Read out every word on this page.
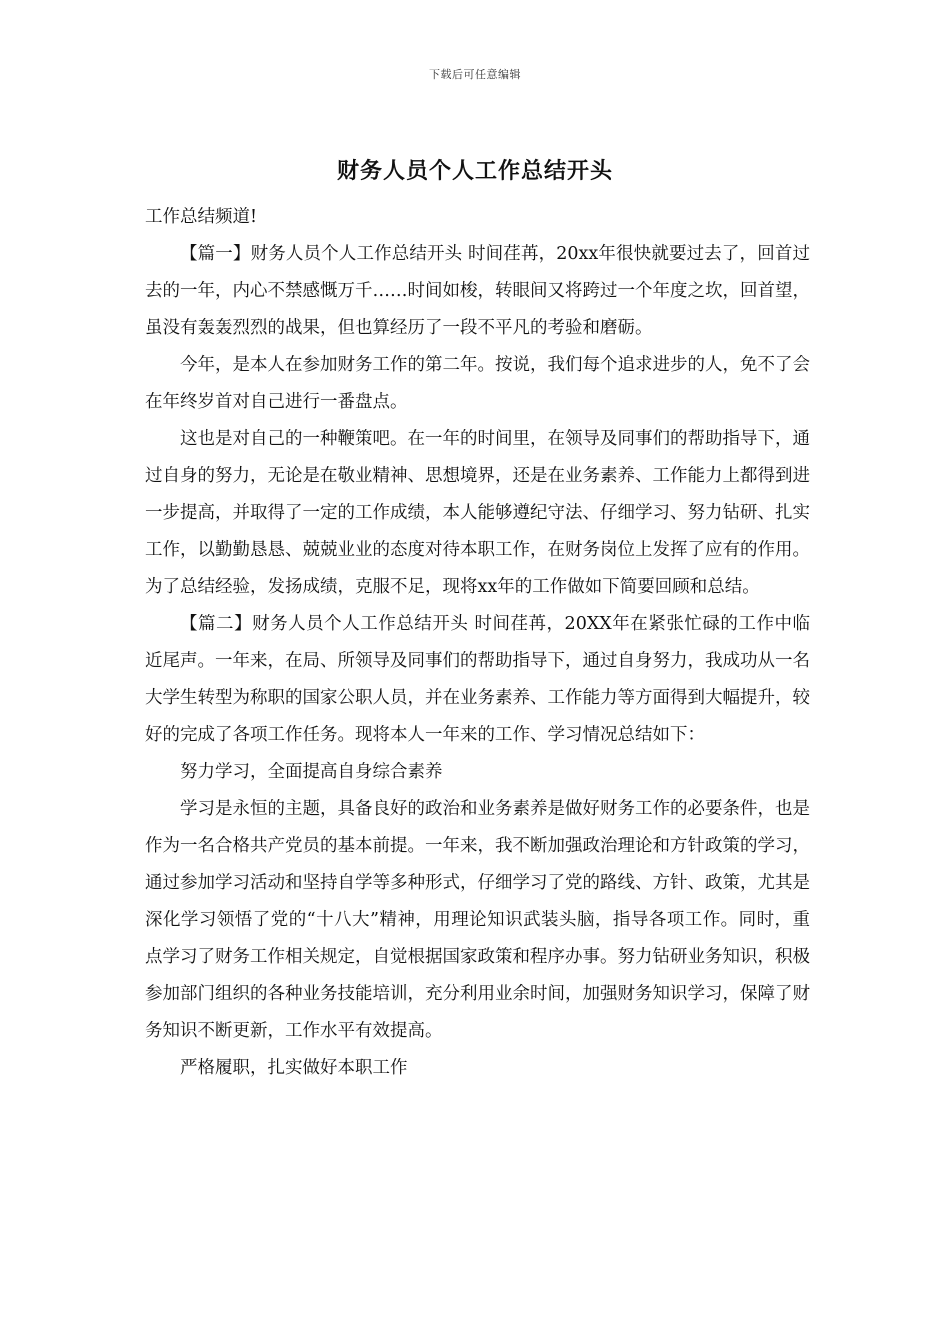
下载后可任意编辑
财务人员个人工作总结开头

工作总结频道!

【篇一】财务人员个人工作总结开头 时间荏苒，20xx年很快就要过去了，回首过去的一年，内心不禁感慨万千……时间如梭，转眼间又将跨过一个年度之坎，回首望，虽没有轰轰烈烈的战果，但也算经历了一段不平凡的考验和磨砺。

今年，是本人在参加财务工作的第二年。按说，我们每个追求进步的人，免不了会在年终岁首对自己进行一番盘点。

这也是对自己的一种鞭策吧。在一年的时间里，在领导及同事们的帮助指导下，通过自身的努力，无论是在敬业精神、思想境界，还是在业务素养、工作能力上都得到进一步提高，并取得了一定的工作成绩，本人能够遵纪守法、仔细学习、努力钻研、扎实工作，以勤勤恳恳、兢兢业业的态度对待本职工作，在财务岗位上发挥了应有的作用。为了总结经验，发扬成绩，克服不足，现将xx年的工作做如下简要回顾和总结。

【篇二】财务人员个人工作总结开头 时间荏苒，20XX年在紧张忙碌的工作中临近尾声。一年来，在局、所领导及同事们的帮助指导下，通过自身努力，我成功从一名大学生转型为称职的国家公职人员，并在业务素养、工作能力等方面得到大幅提升，较好的完成了各项工作任务。现将本人一年来的工作、学习情况总结如下：

努力学习，全面提高自身综合素养

学习是永恒的主题，具备良好的政治和业务素养是做好财务工作的必要条件，也是作为一名合格共产党员的基本前提。一年来，我不断加强政治理论和方针政策的学习，通过参加学习活动和坚持自学等多种形式，仔细学习了党的路线、方针、政策，尤其是深化学习领悟了党的“十八大”精神，用理论知识武装头脑，指导各项工作。同时，重点学习了财务工作相关规定，自觉根据国家政策和程序办事。努力钻研业务知识，积极参加部门组织的各种业务技能培训，充分利用业余时间，加强财务知识学习，保障了财务知识不断更新，工作水平有效提高。

严格履职，扎实做好本职工作
